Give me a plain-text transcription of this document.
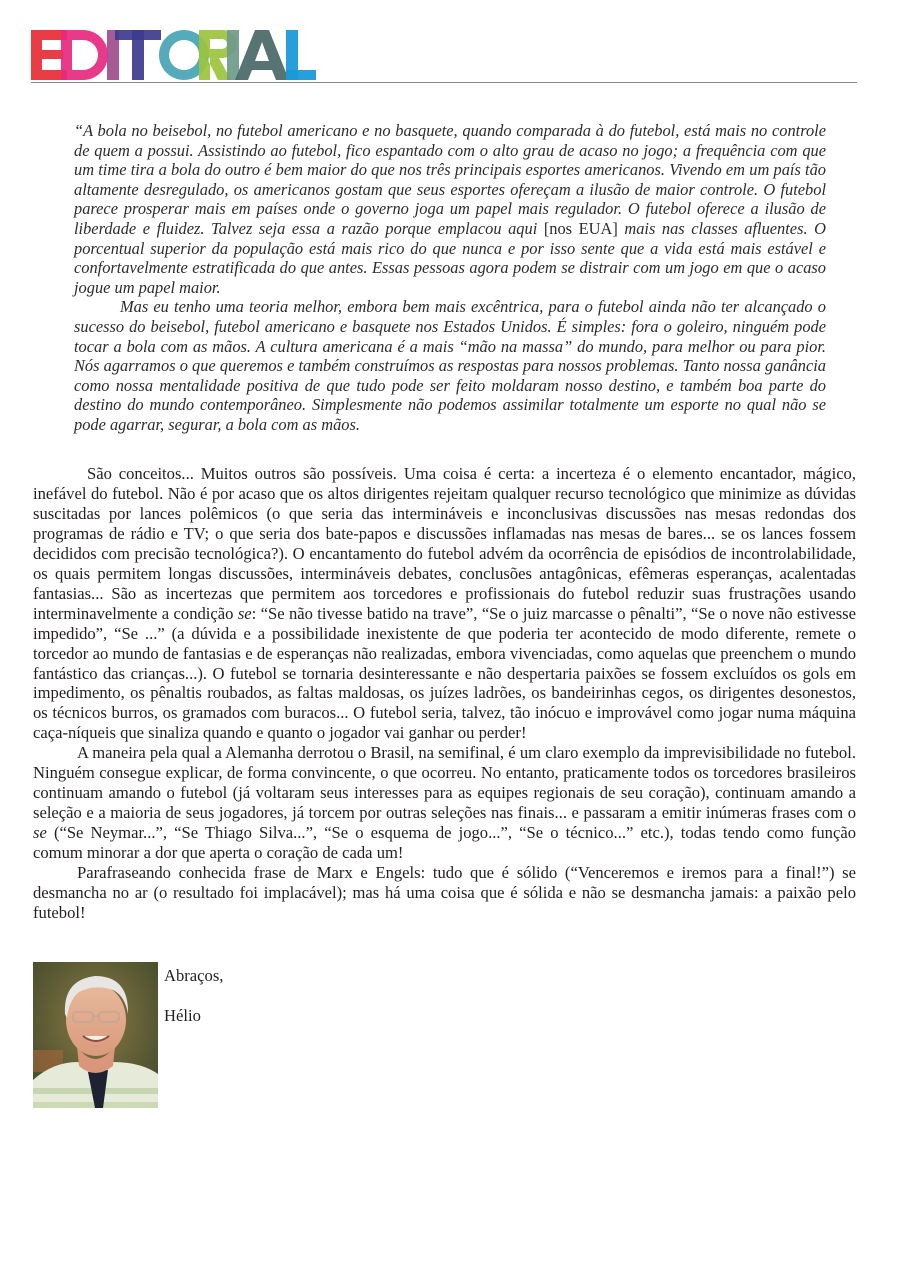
“A bola no beisebol, no futebol americano e no basquete, quando comparada à do futebol, está mais no controle de quem a possui. Assistindo ao futebol, fico espantado com o alto grau de acaso no jogo; a frequência com que um time tira a bola do outro é bem maior do que nos três principais esportes americanos. Vivendo em um país tão altamente desregulado, os americanos gostam que seus esportes ofereçam a ilusão de maior controle. O futebol parece prosperar mais em países onde o governo joga um papel mais regulador. O futebol oferece a ilusão de liberdade e fluidez. Talvez seja essa a razão porque emplacou aqui [nos EUA] mais nas classes afluentes. O porcentual superior da população está mais rico do que nunca e por isso sente que a vida está mais estável e confortavelmente estratificada do que antes. Essas pessoas agora podem se distrair com um jogo em que o acaso jogue um papel maior.

Mas eu tenho uma teoria melhor, embora bem mais excêntrica, para o futebol ainda não ter alcançado o sucesso do beisebol, futebol americano e basquete nos Estados Unidos. É simples: fora o goleiro, ninguém pode tocar a bola com as mãos. A cultura americana é a mais “mão na massa” do mundo, para melhor ou para pior. Nós agarramos o que queremos e também construímos as respostas para nossos problemas. Tanto nossa ganância como nossa mentalidade positiva de que tudo pode ser feito moldaram nosso destino, e também boa parte do destino do mundo contemporâneo. Simplesmente não podemos assimilar totalmente um esporte no qual não se pode agarrar, segurar, a bola com as mãos.

São conceitos... Muitos outros são possíveis. Uma coisa é certa: a incerteza é o elemento encantador, mágico, inefável do futebol. Não é por acaso que os altos dirigentes rejeitam qualquer recurso tecnológico que minimize as dúvidas suscitadas por lances polêmicos (o que seria das intermináveis e inconclusivas discussões nas mesas redondas dos programas de rádio e TV; o que seria dos bate-papos e discussões inflamadas nas mesas de bares... se os lances fossem decididos com precisão tecnológica?). O encantamento do futebol advém da ocorrência de episódios de incontrolabilidade, os quais permitem longas discussões, intermináveis debates, conclusões antagônicas, efêmeras esperanças, acalentadas fantasias... São as incertezas que permitem aos torcedores e profissionais do futebol reduzir suas frustrações usando interminavelmente a condição se: “Se não tivesse batido na trave”, “Se o juiz marcasse o pênalti”, “Se o nove não estivesse impedido”, “Se ...” (a dúvida e a possibilidade inexistente de que poderia ter acontecido de modo diferente, remete o torcedor ao mundo de fantasias e de esperanças não realizadas, embora vivenciadas, como aquelas que preenchem o mundo fantástico das crianças...). O futebol se tornaria desinteressante e não despertaria paixões se fossem excluídos os gols em impedimento, os pênaltis roubados, as faltas maldosas, os juízes ladrões, os bandeirinhas cegos, os dirigentes desonestos, os técnicos burros, os gramados com buracos... O futebol seria, talvez, tão inócuo e improvável como jogar numa máquina caça-níqueis que sinaliza quando e quanto o jogador vai ganhar ou perder!

A maneira pela qual a Alemanha derrotou o Brasil, na semifinal, é um claro exemplo da imprevisibilidade no futebol. Ninguém consegue explicar, de forma convincente, o que ocorreu. No entanto, praticamente todos os torcedores brasileiros continuam amando o futebol (já voltaram seus interesses para as equipes regionais de seu coração), continuam amando a seleção e a maioria de seus jogadores, já torcem por outras seleções nas finais... e passaram a emitir inúmeras frases com o se (“Se Neymar...”, “Se Thiago Silva...”, “Se o esquema de jogo...”, “Se o técnico...” etc.), todas tendo como função comum minorar a dor que aperta o coração de cada um!

Parafraseando conhecida frase de Marx e Engels: tudo que é sólido (“Venceremos e iremos para a final!”) se desmancha no ar (o resultado foi implacável); mas há uma coisa que é sólida e não se desmancha jamais: a paixão pelo futebol!

Abraços,
Hélio
